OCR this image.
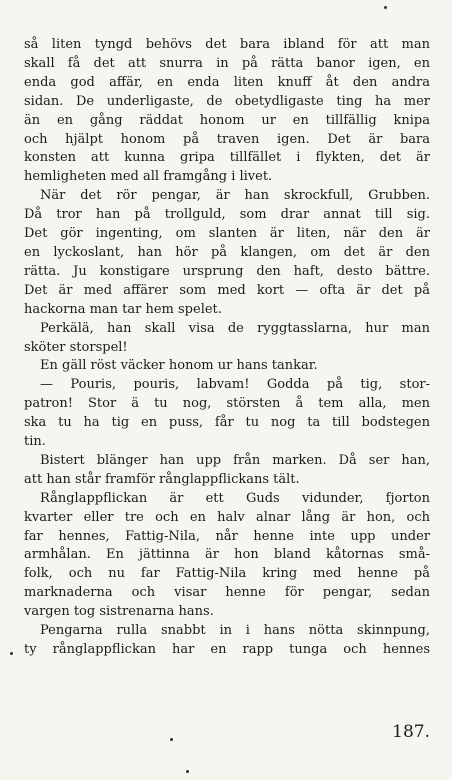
så liten tyngd behövs det bara ibland för att man
skall få det att snurra in på rätta banor igen, en
enda god affär, en enda liten knuff åt den andra
sidan. De underligaste, de obetydligaste ting ha mer
än en gång räddat honom ur en tillfällig knipa
och hjälpt honom på traven igen. Det är bara
konsten att kunna gripa tillfället i flykten, det är
hemligheten med all framgång i livet.
När det rör pengar, är han skrockfull, Grubben.
Då tror han på trollguld, som drar annat till sig.
Det gör ingenting, om slanten är liten, när den är
en lyckoslant, han hör på klangen, om det är den
rätta. Ju konstigare ursprung den haft, desto bättre.
Det är med affärer som med kort — ofta är det på
hackorna man tar hem spelet.
Perkälä, han skall visa de ryggtasslarna, hur man
sköter storspel!
En gäll röst väcker honom ur hans tankar.
— Pouris, pouris, labvam! Godda på tig, stor-
patron! Stor ä tu nog, störsten å tem alla, men
ska tu ha tig en puss, får tu nog ta till bodstegen
tin.
Bistert blänger han upp från marken. Då ser han,
att han står framför rånglappflickans tält.
Rånglappflickan är ett Guds vidunder, fjorton
kvarter eller tre och en halv alnar lång är hon, och
far hennes, Fattig-Nila, når henne inte upp under
armhålan. En jättinna är hon bland kåtornas små-
folk, och nu far Fattig-Nila kring med henne på
marknaderna och visar henne för pengar, sedan
vargen tog sistrenarna hans.
Pengarna rulla snabbt in i hans nötta skinnpung,
ty rånglappflickan har en rapp tunga och hennes
187.
